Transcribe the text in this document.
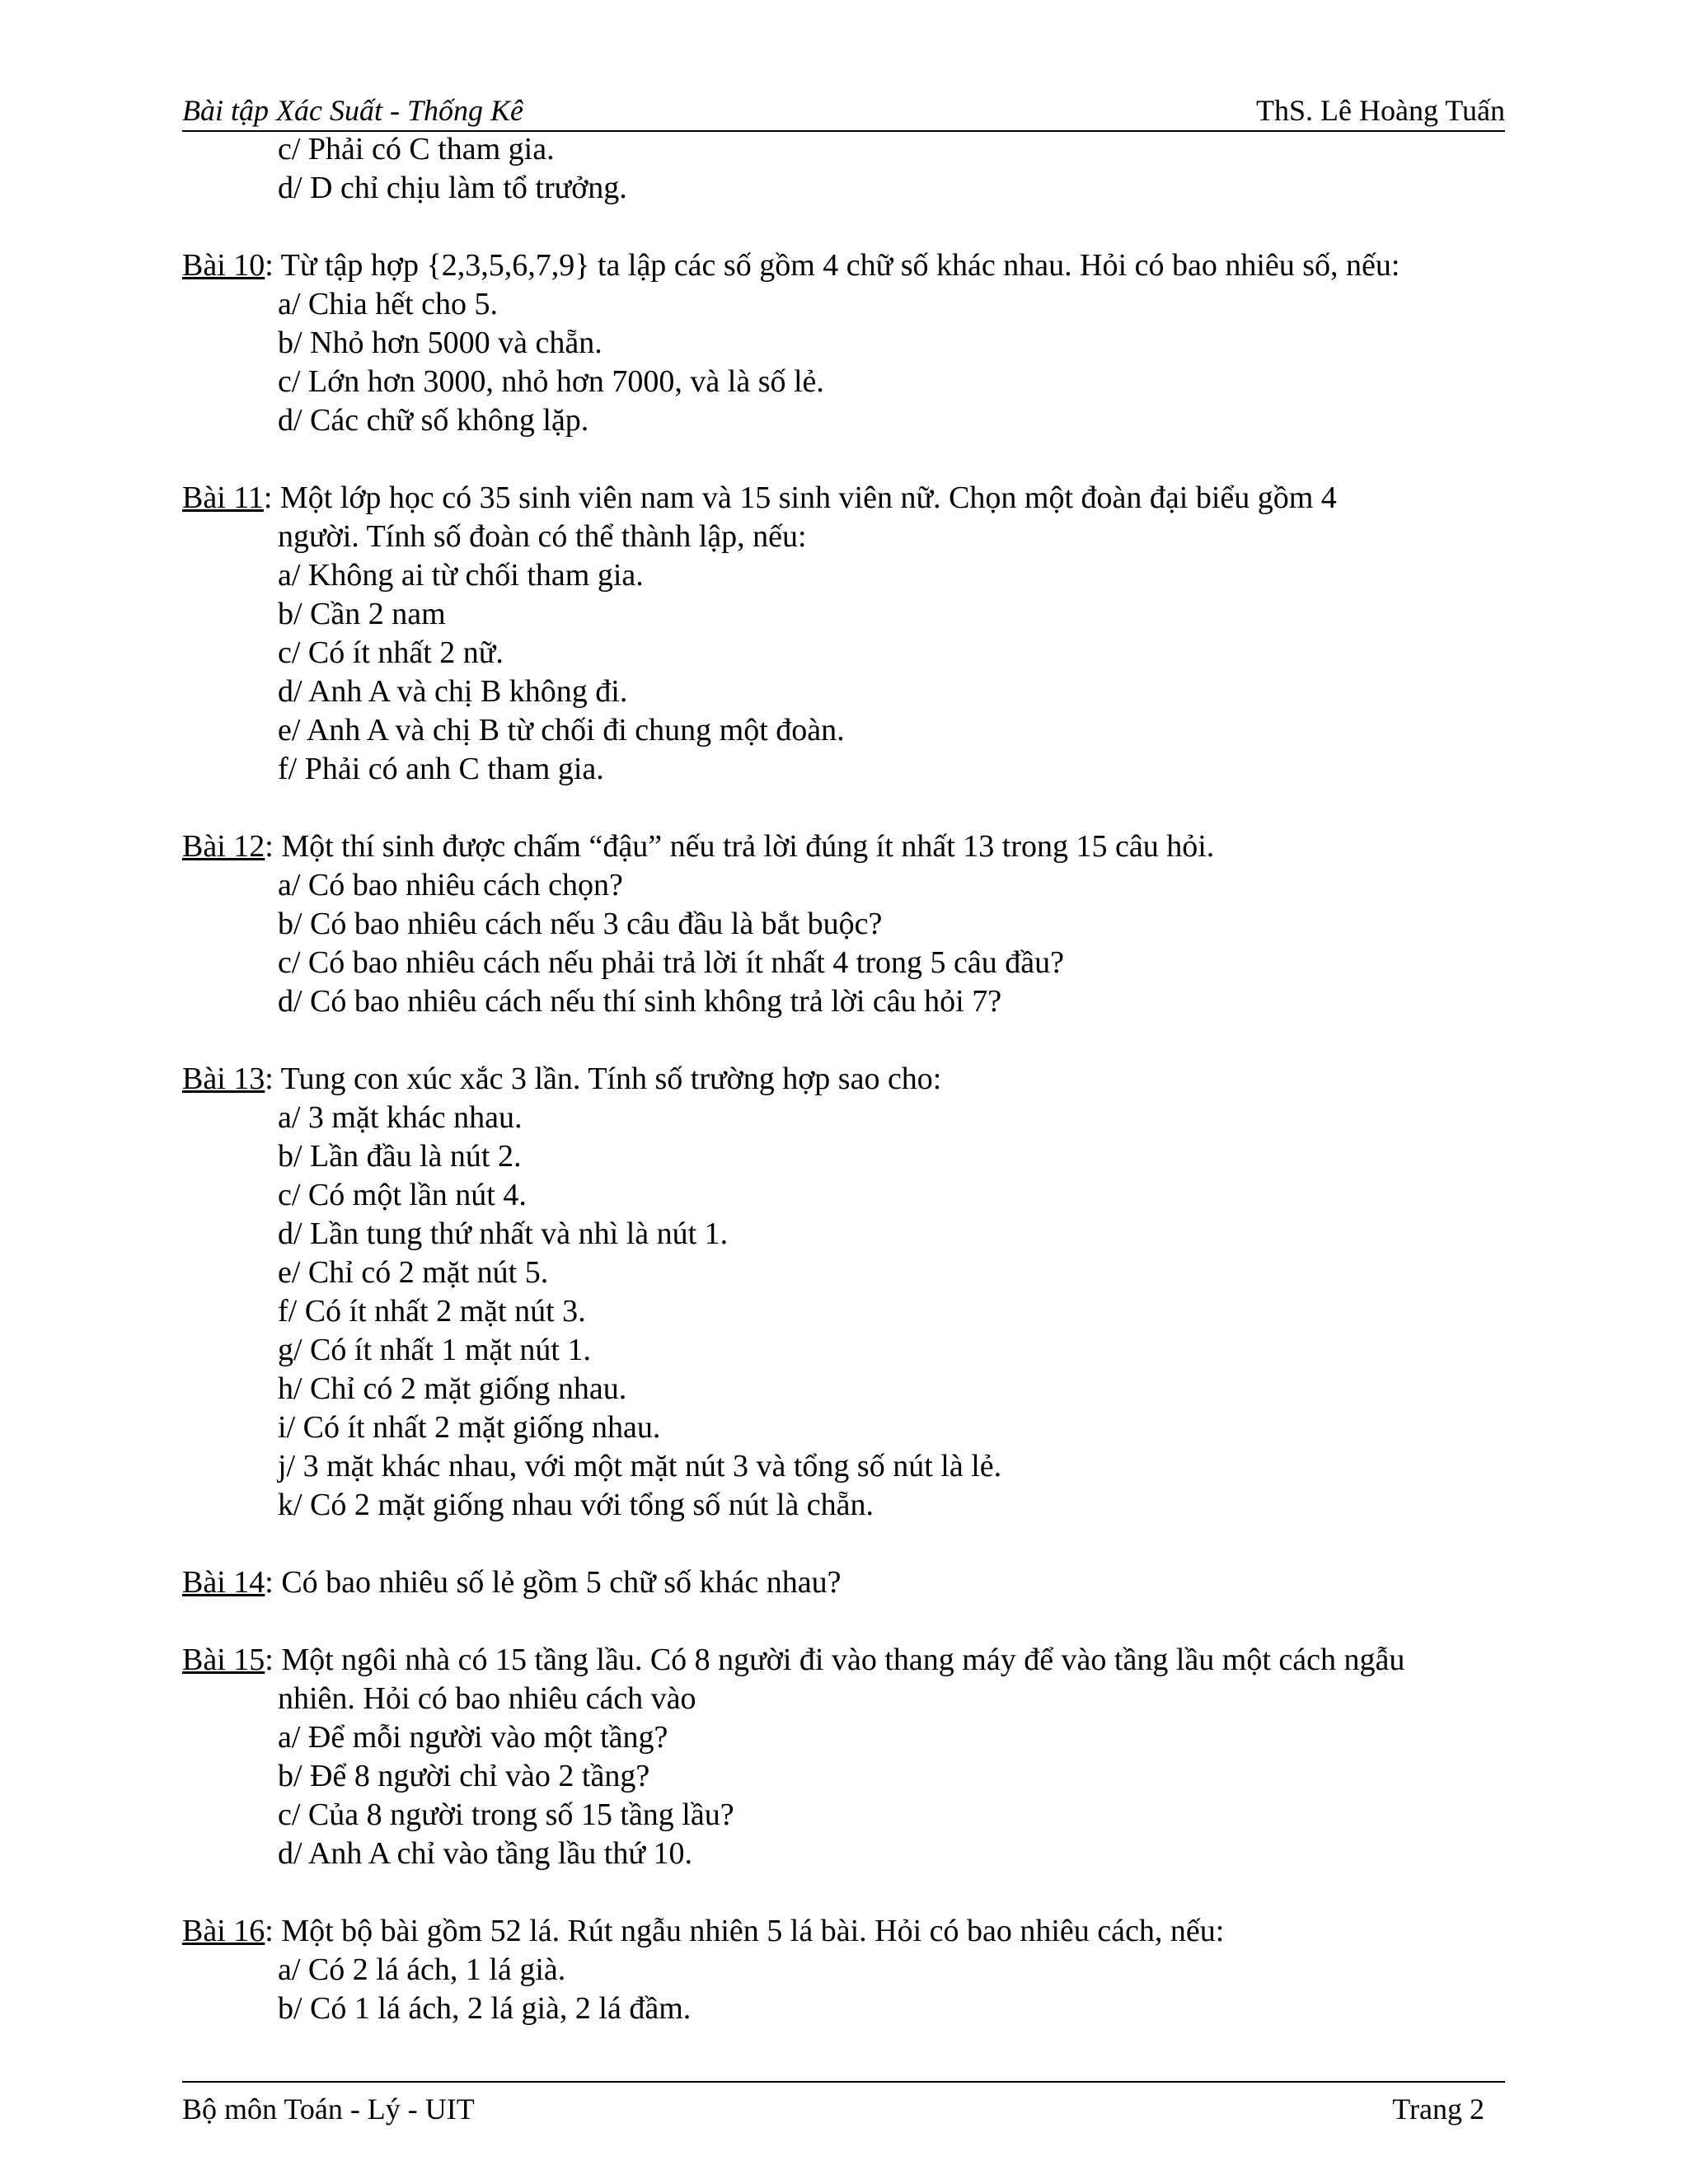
Bài tập Xác Suất - Thống Kê	ThS. Lê Hoàng Tuấn
c/ Phải có C tham gia.
d/ D chỉ chịu làm tổ trưởng.
Bài 10: Từ tập hợp {2,3,5,6,7,9} ta lập các số gồm 4 chữ số khác nhau. Hỏi có bao nhiêu số, nếu:
a/ Chia hết cho 5.
b/ Nhỏ hơn 5000 và chẵn.
c/ Lớn hơn 3000, nhỏ hơn 7000, và là số lẻ.
d/ Các chữ số không lặp.
Bài 11: Một lớp học có 35 sinh viên nam và 15 sinh viên nữ. Chọn một đoàn đại biểu gồm 4
người. Tính số đoàn có thể thành lập, nếu:
a/ Không ai từ chối tham gia.
b/ Cần 2 nam
c/ Có ít nhất 2 nữ.
d/ Anh A và chị B không đi.
e/ Anh A và chị B từ chối đi chung một đoàn.
f/ Phải có anh C tham gia.
Bài 12: Một thí sinh được chấm “đậu” nếu trả lời đúng ít nhất 13 trong 15 câu hỏi.
a/ Có bao nhiêu cách chọn?
b/ Có bao nhiêu cách nếu 3 câu đầu là bắt buộc?
c/ Có bao nhiêu cách nếu phải trả lời ít nhất 4 trong 5 câu đầu?
d/ Có bao nhiêu cách nếu thí sinh không trả lời câu hỏi 7?
Bài 13: Tung con xúc xắc 3 lần. Tính số trường hợp sao cho:
a/ 3 mặt khác nhau.
b/ Lần đầu là nút 2.
c/ Có một lần nút 4.
d/ Lần tung thứ nhất và nhì là nút 1.
e/ Chỉ có 2 mặt nút 5.
f/ Có ít nhất 2 mặt nút 3.
g/ Có ít nhất 1 mặt nút 1.
h/ Chỉ có 2 mặt giống nhau.
i/ Có ít nhất 2 mặt giống nhau.
j/ 3 mặt khác nhau, với một mặt nút 3 và tổng số nút là lẻ.
k/ Có 2 mặt giống nhau với tổng số nút là chẵn.
Bài 14: Có bao nhiêu số lẻ gồm 5 chữ số khác nhau?
Bài 15: Một ngôi nhà có 15 tầng lầu. Có 8 người đi vào thang máy để vào tầng lầu một cách ngẫu
nhiên. Hỏi có bao nhiêu cách vào
a/ Để mỗi người vào một tầng?
b/ Để 8 người chỉ vào 2 tầng?
c/ Của 8 người trong số 15 tầng lầu?
d/ Anh A chỉ vào tầng lầu thứ 10.
Bài 16: Một bộ bài gồm 52 lá. Rút ngẫu nhiên 5 lá bài. Hỏi có bao nhiêu cách, nếu:
a/ Có 2 lá ách, 1 lá già.
b/ Có 1 lá ách, 2 lá già, 2 lá đầm.
Bộ môn Toán - Lý - UIT	Trang 2
